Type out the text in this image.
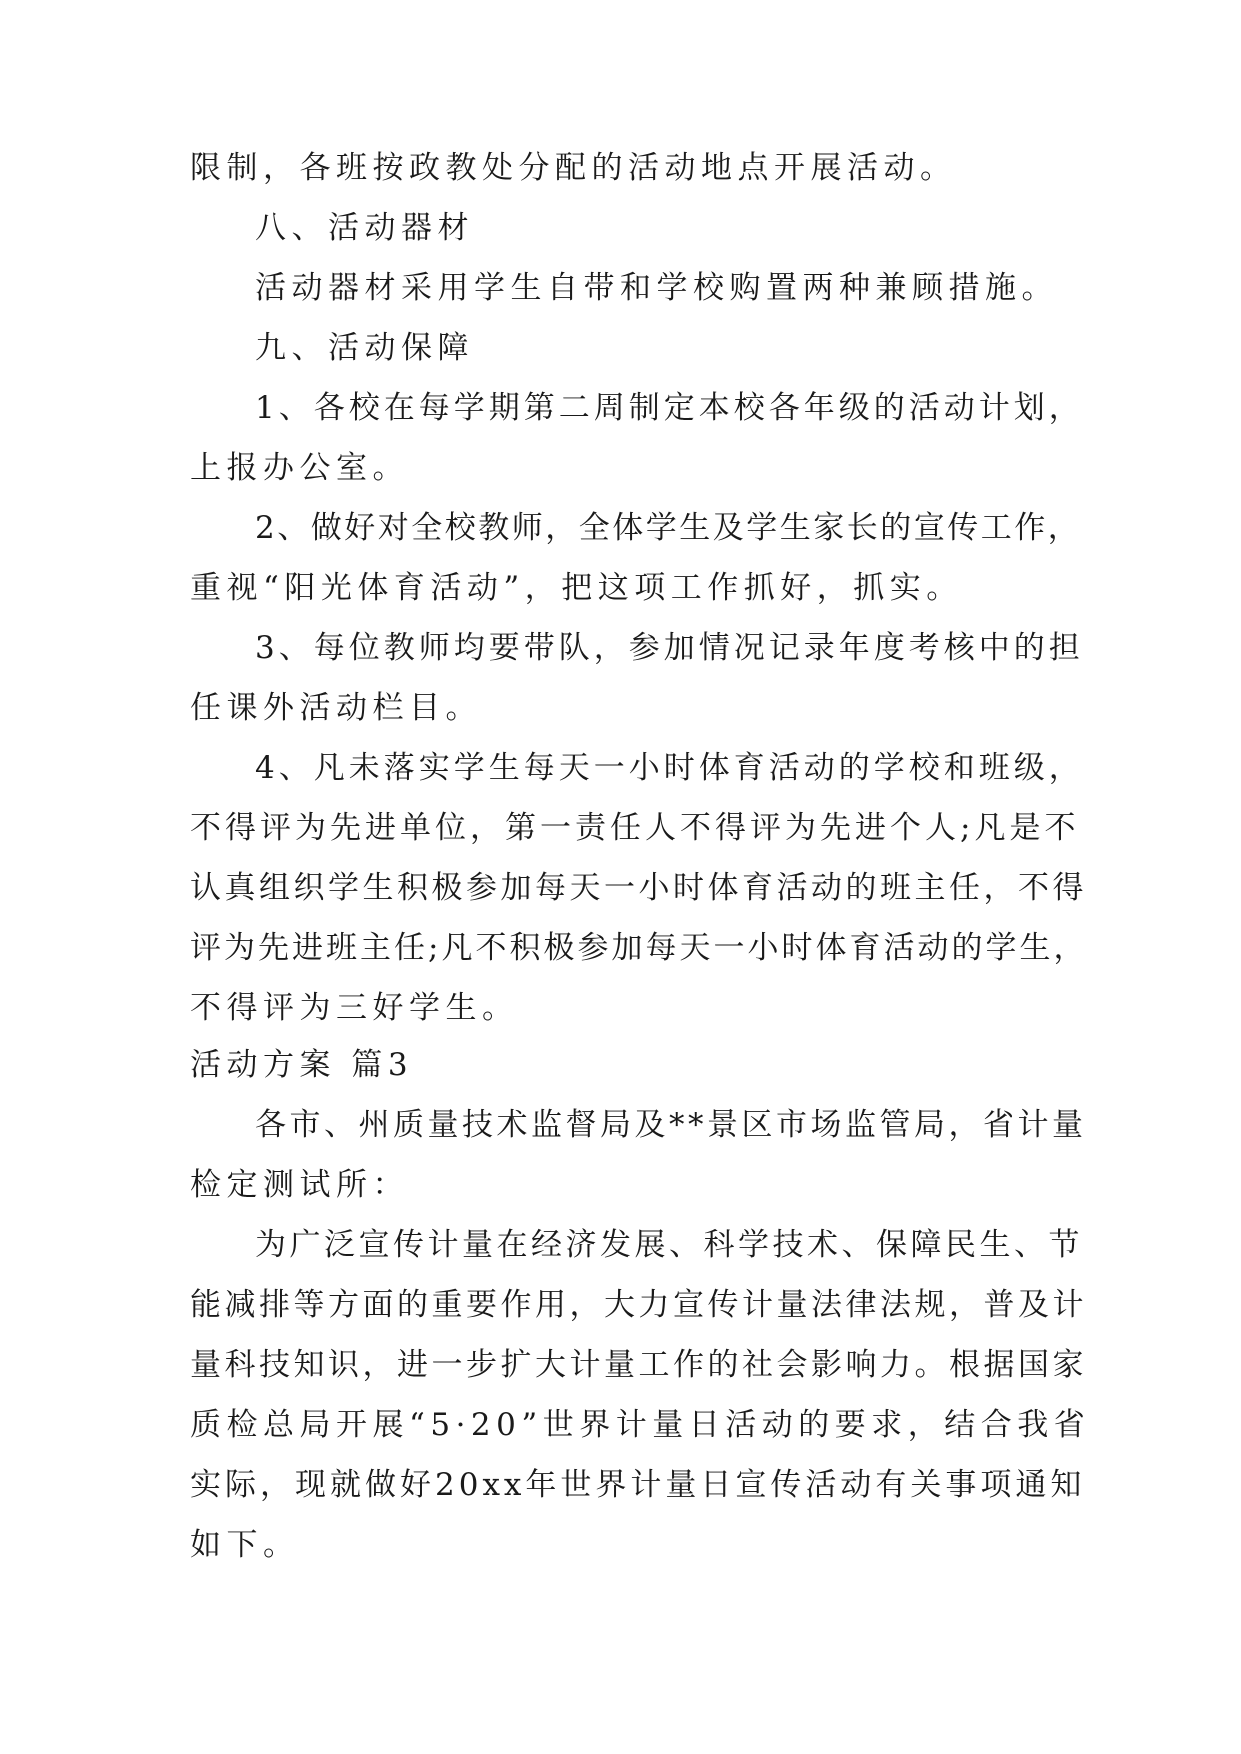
限制，各班按政教处分配的活动地点开展活动。
八、活动器材
活动器材采用学生自带和学校购置两种兼顾措施。
九、活动保障
1、各校在每学期第二周制定本校各年级的活动计划，
上报办公室。
2、做好对全校教师，全体学生及学生家长的宣传工作，
重视“阳光体育活动”，把这项工作抓好，抓实。
3、每位教师均要带队，参加情况记录年度考核中的担
任课外活动栏目。
4、凡未落实学生每天一小时体育活动的学校和班级，
不得评为先进单位，第一责任人不得评为先进个人;凡是不
认真组织学生积极参加每天一小时体育活动的班主任，不得
评为先进班主任;凡不积极参加每天一小时体育活动的学生，
不得评为三好学生。
活动方案 篇3
各市、州质量技术监督局及**景区市场监管局，省计量
检定测试所：
为广泛宣传计量在经济发展、科学技术、保障民生、节
能减排等方面的重要作用，大力宣传计量法律法规，普及计
量科技知识，进一步扩大计量工作的社会影响力。根据国家
质检总局开展“5·20”世界计量日活动的要求，结合我省
实际，现就做好20xx年世界计量日宣传活动有关事项通知
如下。
